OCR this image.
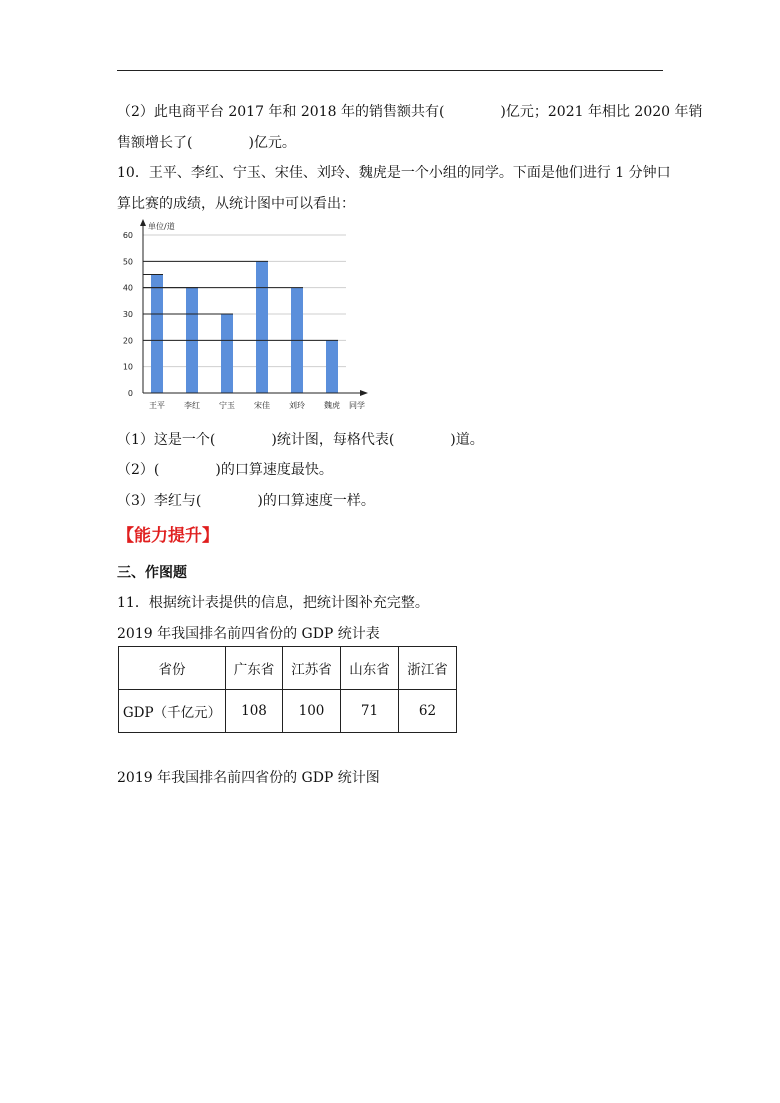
（2）此电商平台 2017 年和 2018 年的销售额共有(　　　　)亿元；2021 年相比 2020 年销
售额增长了(　　　　)亿元。
10．王平、李红、宁玉、宋佳、刘玲、魏虎是一个小组的同学。下面是他们进行 1 分钟口
算比赛的成绩，从统计图中可以看出：
0
10
20
30
40
50
60
王平 李红 宁玉 宋佳 刘玲 魏虎
单位/道
同学
（1）这是一个(　　　　)统计图，每格代表(　　　　)道。
（2）(　　　　)的口算速度最快。
（3）李红与(　　　　)的口算速度一样。
【能力提升】
三、作图题
11．根据统计表提供的信息，把统计图补充完整。
2019 年我国排名前四省份的 GDP 统计表
省份	广东省	江苏省	山东省	浙江省
GDP（千亿元）	108	100	71	62
2019 年我国排名前四省份的 GDP 统计图
